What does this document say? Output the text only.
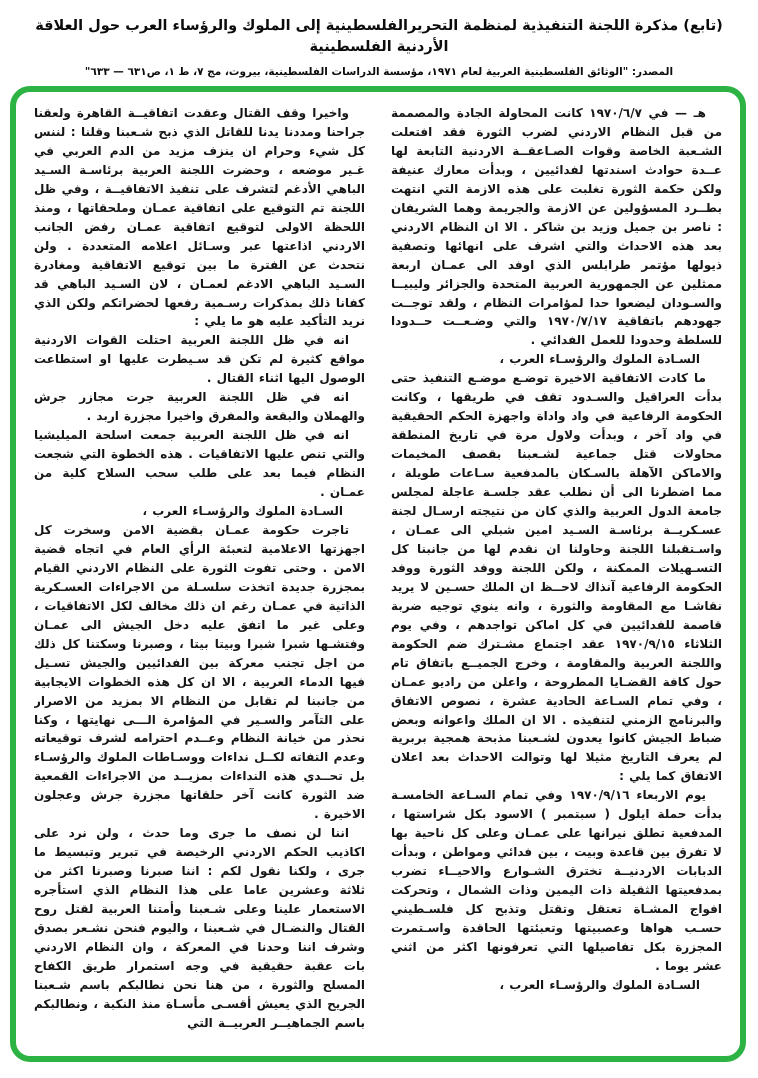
(تابع) مذكرة اللجنة التنفيذية لمنظمة التحريرالفلسطينية إلى الملوك والرؤساء العرب حول العلاقة الأردنية الفلسطينية
المصدر: "الوثائق الفلسطينية العربية لعام ١٩٧١، مؤسسة الدراسات الفلسطينية، بيروت، مج ٧، ط ١، ص٦٣١ — ٦٣٣"

هـ — في ١٩٧٠/٦/٧ كانت المحاولة الجادة والمصممة من قبل النظام الاردني لضرب الثورة فقد افتعلت الشـعبة الخاصة وقوات الصـاعقــة الاردنية التابعة لها عــدة حوادث اسندتها لفدائيين ، وبدأت معارك عنيفة ولكن حكمة الثورة تغلبت على هذه الازمة التي انتهت بطــرد المسؤولين عن الازمة والجريمة وهما الشريفان : ناصر بن جميل وزيد بن شاكر . الا ان النظام الاردني بعد هذه الاحداث والتي اشرف على انهائها وتصفية ذيولها مؤتمر طرابلس الذي اوفد الى عمـان اربعة ممثلين عن الجمهورية العربية المتحدة والجزائر وليبيــا والسـودان ليضعوا حدا لمؤامرات النظام ، ولقد توجــت جهودهم باتفاقية ١٩٧٠/٧/١٧ والتي وضـعــت حــدودا للسلطة وحدودا للعمل الفدائي .

السـادة الملوك والرؤسـاء العرب ،

ما كادت الاتفاقية الاخيرة توضـع موضـع التنفيذ حتى بدأت العراقيل والسـدود تقف في طريقها ، وكانت الحكومة الرفاعية في واد واداة واجهزة الحكم الحقيقية في واد آخر ، وبدأت ولاول مرة في تاريخ المنطقة محاولات قتل جماعية لشـعبنا بقصف المخيمات والاماكن الآهلة بالسـكان بالمدفعية سـاعات طويلة ، مما اضطرنا الى أن نطلب عقد جلسـة عاجلة لمجلس جامعة الدول العربية والذي كان من نتيجته ارسـال لجنة عسـكريــة برئاسـة السـيد امين شبلي الى عمـان ، واسـتقبلنا اللجنة وحاولنا ان نقدم لها من جانبنا كل التسـهيلات الممكنة ، ولكن اللجنة ووفد الثورة ووفد الحكومة الرفاعية آنذاك لاحــظ ان الملك حسـين لا يريد نقاشـا مع المقاومة والثورة ، وانه ينوي توجيه ضربة قاصمة للفدائيين في كل اماكن تواجدهم ، وفي يوم الثلاثاء ١٩٧٠/٩/١٥ عقد اجتماع مشـترك ضم الحكومة واللجنة العربية والمقاومة ، وخرج الجميــع باتفاق تام حول كافة القضـايا المطروحة ، واعلن من راديو عمـان ، وفي تمام السـاعة الحادية عشرة ، نصوص الاتفاق والبرنامج الزمني لتنفيذه . الا ان الملك واعوانه وبعض ضباط الجيش كانوا يعدون لشـعبنا مذبحة همجية بربرية لم يعرف التاريخ مثيلا لها وتوالت الاحداث بعد اعلان الاتفاق كما يلي :

يوم الاربعاء ١٩٧٠/٩/١٦ وفي تمام السـاعة الخامسـة بدأت حملة ايلول ( سبتمبر ) الاسود بكل شراستها ، المدفعية تطلق نيرانها على عمـان وعلى كل ناحية بها لا تفرق بين قاعدة وبيت ، بين فدائي ومواطن ، وبدأت الدبابات الاردنيــة تخترق الشـوارع والاحيــاء تضرب بمدفعيتها الثقيلة ذات اليمين وذات الشمال ، وتحركت افواج المشـاة تعتقل وتقتل وتذبح كل فلسـطيني حسـب هواها وعصبيتها وتعبئتها الحاقدة واسـتمرت المجزرة بكل تفاصيلها التي تعرفونها اكثر من اثني عشر يوما .

السـادة الملوك والرؤسـاء العرب ،

واخيرا وقف القتال وعقدت اتفاقيــة القاهرة ولعقنا جراحنا ومددنا يدنا للقاتل الذي ذبح شـعبنا وقلنا : لننس كل شيء وحرام ان ينزف مزيد من الدم العربي في غـير موضعه ، وحضرت اللجنة العربية برئاسـة السـيد الباهي الأدغم لتشرف على تنفيذ الاتفاقيــة ، وفي ظل اللجنة تم التوقيع على اتفاقية عمـان وملحقاتها ، ومنذ اللحظة الاولى لتوقيع اتفاقية عمـان رفض الجانب الاردني اذاعتها عبر وسـائل اعلامه المتعددة . ولن نتحدث عن الفترة ما بين توقيع الاتفاقية ومغادرة السـيد الباهي الادغم لعمـان ، لان السـيد الباهي قد كفانا ذلك بمذكرات رسـمية رفعها لحضراتكم ولكن الذي نريد التأكيد عليه هو ما يلي :

انه في ظل اللجنة العربية احتلت القوات الاردنية مواقع كثيرة لم تكن قد سـيطرت عليها او استطاعت الوصول اليها اثناء القتال .

انه في ظل اللجنة العربية جرت مجازر جرش والهملان والبقعة والمفرق واخيرا مجزرة اربد .

انه في ظل اللجنة العربية جمعت اسلحة الميليشيا والتي تنص عليها الاتفاقيات . هذه الخطوة التي شجعت النظام فيما بعد على طلب سحب السلاح كلية من عمـان .

السـادة الملوك والرؤسـاء العرب ،

تاجرت حكومة عمـان بقضية الامن وسخرت كل اجهزتها الاعلامية لتعبئة الرأي العام في اتجاه قضية الامن . وحتى تفوت الثورة على النظام الاردني القيام بمجزرة جديدة اتخذت سلسـلة من الاجراءات العسـكرية الذاتية في عمـان رغم ان ذلك مخالف لكل الاتفاقيات ، وعلى غير ما اتفق عليه دخل الجيش الى عمـان وفتشـها شبرا شبرا وبيتا بيتا ، وصبرنا وسكتنا كل ذلك من اجل تجنب معركة بين الفدائيين والجيش تسـيل فيها الدماء العربية ، الا ان كل هذه الخطوات الايجابية من جانبنا لم تقابل من النظام الا بمزيد من الاصرار على التآمر والسـير في المؤامرة الـــى نهايتها ، وكنا نحذر من خيانة النظام وعــدم احترامه لشرف توقيعاته وعدم التفاته لكــل نداءات ووسـاطات الملوك والرؤسـاء بل تحــدي هذه النداءات بمزيــد من الاجراءات القمعية ضد الثورة كانت آخر حلقاتها مجزرة جرش وعجلون الاخيرة .

اننا لن نصف ما جرى وما حدث ، ولن نرد على اكاذيب الحكم الاردني الرخيصة في تبرير وتبسيط ما جرى ، ولكنا نقول لكم : اننا صبرنا وصبرنا اكثر من ثلاثة وعشرين عاما على هذا النظام الذي استأجره الاستعمار علينا وعلى شـعبنا وأمتنا العربية لقتل روح القتال والنضـال في شـعبنا ، واليوم فنحن نشـعر بصدق وشرف اننا وحدنا في المعركة ، وان النظام الاردني بات عقبة حقيقية في وجه استمرار طريق الكفاح المسلح والثورة ، من هنا نحن نطالبكم باسم شـعبنا الجريح الذي يعيش أقسـى مأسـاة منذ النكبة ، ونطالبكم باسم الجماهيــر العربيــة التي
